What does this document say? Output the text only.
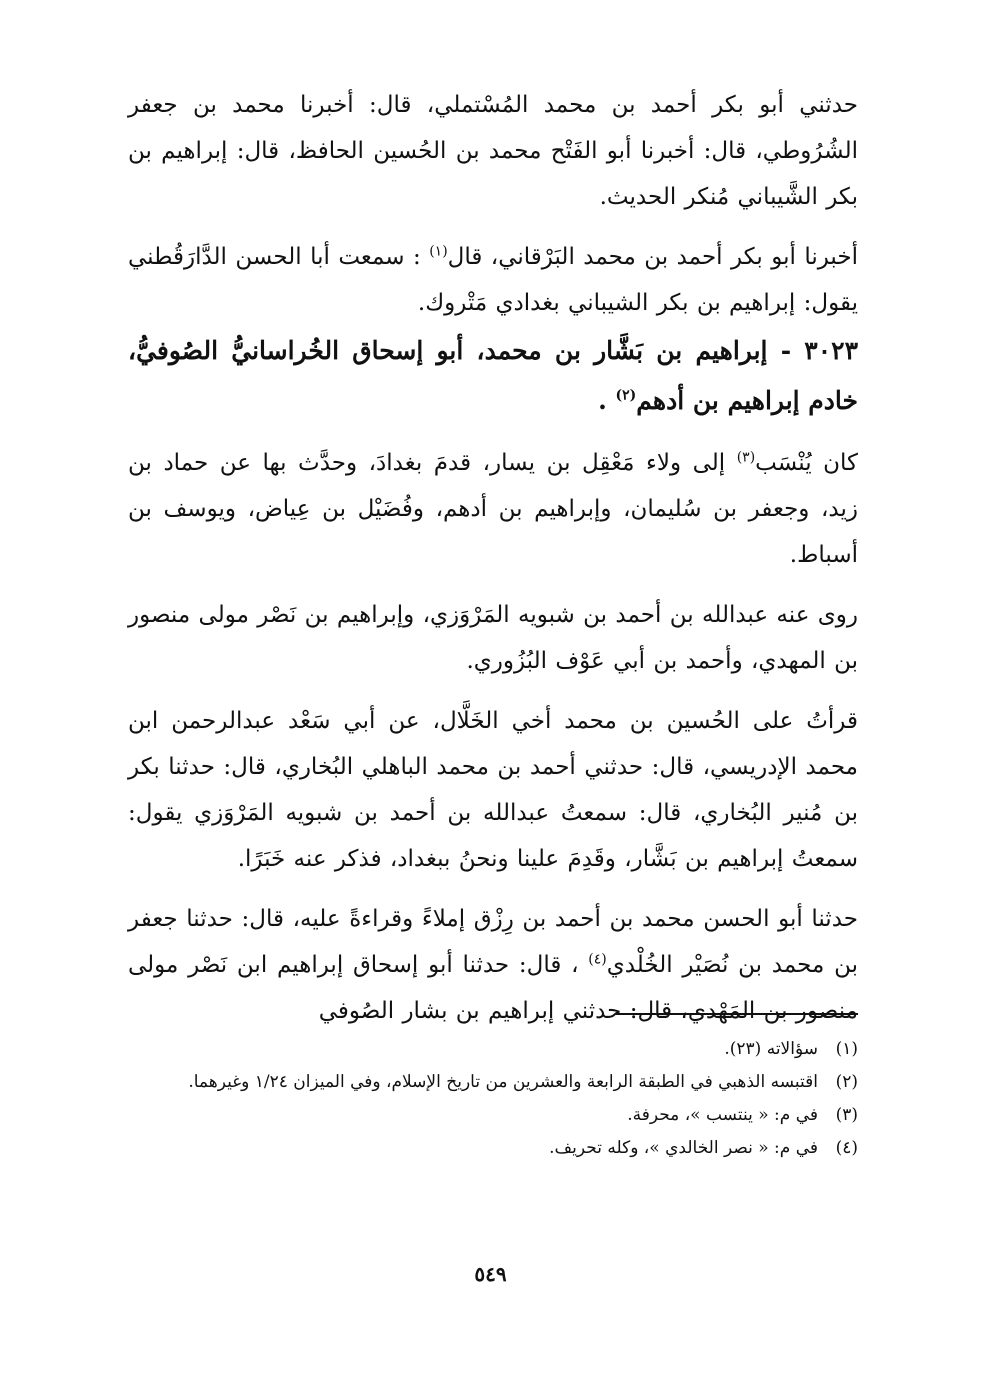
حدثني أبو بكر أحمد بن محمد المُسْتملي، قال: أخبرنا محمد بن جعفر الشُرُوطي، قال: أخبرنا أبو الفَتْح محمد بن الحُسين الحافظ، قال: إبراهيم بن بكر الشَّيباني مُنكر الحديث.

أخبرنا أبو بكر أحمد بن محمد البَرْقاني، قال$^{(١)}$ : سمعت أبا الحسن الدَّارَقُطني يقول: إبراهيم بن بكر الشيباني بغدادي مَتْروك.

٣٠٢٣ - إبراهيم بن بَشَّار بن محمد، أبو إسحاق الخُراسانيُّ الصُوفيُّ، خادم إبراهيم بن أدهم$^{(٢)}$ .

كان يُنْسَب$^{(٣)}$ إلى ولاء مَعْقِل بن يسار، قدمَ بغدادَ، وحدَّث بها عن حماد بن زيد، وجعفر بن سُليمان، وإبراهيم بن أدهم، وفُضَيْل بن عِياض، ويوسف بن أسباط.

روى عنه عبدالله بن أحمد بن شبويه المَرْوَزي، وإبراهيم بن نَصْر مولى منصور بن المهدي، وأحمد بن أبي عَوْف البُزُوري.

قرأتُ على الحُسين بن محمد أخي الخَلَّال، عن أبي سَعْد عبدالرحمن ابن محمد الإدريسي، قال: حدثني أحمد بن محمد الباهلي البُخاري، قال: حدثنا بكر بن مُنير البُخاري، قال: سمعتُ عبدالله بن أحمد بن شبويه المَرْوَزي يقول: سمعتُ إبراهيم بن بَشَّار، وقَدِمَ علينا ونحنُ ببغداد، فذكر عنه خَبَرًا.

حدثنا أبو الحسن محمد بن أحمد بن رِزْق إملاءً وقراءةً عليه، قال: حدثنا جعفر بن محمد بن نُصَيْر الخُلْدي$^{(٤)}$ ، قال: حدثنا أبو إسحاق إبراهيم ابن نَصْر مولى منصور بن المَهْدي، قال: حدثني إبراهيم بن بشار الصُوفي

(١)
سؤالاته (٢٣).
(٢)
اقتبسه الذهبي في الطبقة الرابعة والعشرين من تاريخ الإسلام، وفي الميزان ١/٢٤ وغيرهما.
(٣)
في م: « ينتسب »، محرفة.
(٤)
في م: « نصر الخالدي »، وكله تحريف.
٥٤٩
